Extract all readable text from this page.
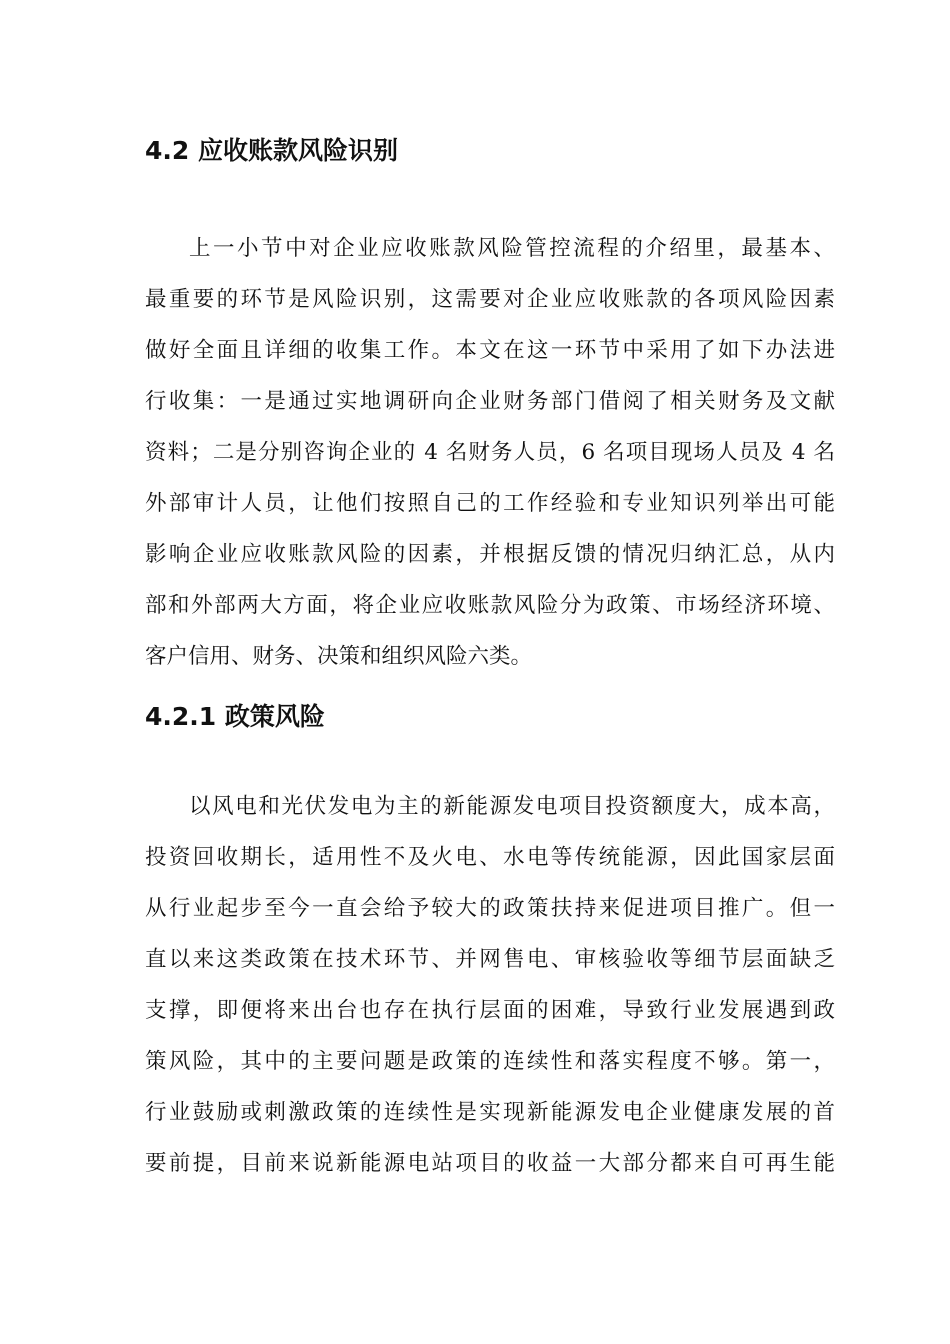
4.2 应收账款风险识别
上一小节中对企业应收账款风险管控流程的介绍里，最基本、
最重要的环节是风险识别，这需要对企业应收账款的各项风险因素
做好全面且详细的收集工作。本文在这一环节中采用了如下办法进
行收集：一是通过实地调研向企业财务部门借阅了相关财务及文献
资料；二是分别咨询企业的 4 名财务人员，6 名项目现场人员及 4 名
外部审计人员，让他们按照自己的工作经验和专业知识列举出可能
影响企业应收账款风险的因素，并根据反馈的情况归纳汇总，从内
部和外部两大方面，将企业应收账款风险分为政策、市场经济环境、
客户信用、财务、决策和组织风险六类。
4.2.1 政策风险
以风电和光伏发电为主的新能源发电项目投资额度大，成本高，
投资回收期长，适用性不及火电、水电等传统能源，因此国家层面
从行业起步至今一直会给予较大的政策扶持来促进项目推广。但一
直以来这类政策在技术环节、并网售电、审核验收等细节层面缺乏
支撑，即便将来出台也存在执行层面的困难，导致行业发展遇到政
策风险，其中的主要问题是政策的连续性和落实程度不够。第一，
行业鼓励或刺激政策的连续性是实现新能源发电企业健康发展的首
要前提，目前来说新能源电站项目的收益一大部分都来自可再生能
